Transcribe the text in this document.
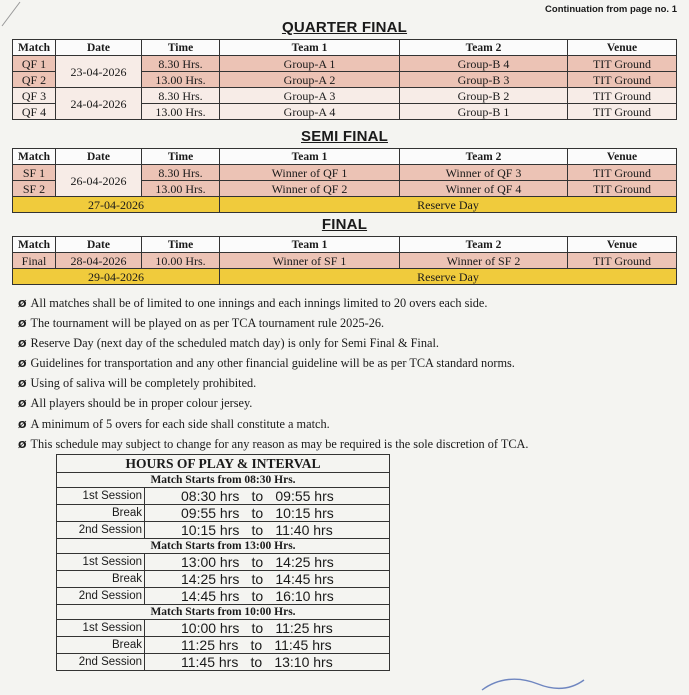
Continuation from page no. 1
QUARTER FINAL
Match	Date	Time	Team 1	Team 2	Venue
QF 1	23-04-2026	8.30 Hrs.	Group-A 1	Group-B 4	TIT Ground
QF 2		13.00 Hrs.	Group-A 2	Group-B 3	TIT Ground
QF 3	24-04-2026	8.30 Hrs.	Group-A 3	Group-B 2	TIT Ground
QF 4		13.00 Hrs.	Group-A 4	Group-B 1	TIT Ground
SEMI FINAL
Match	Date	Time	Team 1	Team 2	Venue
SF 1	26-04-2026	8.30 Hrs.	Winner of QF 1	Winner of QF 3	TIT Ground
SF 2		13.00 Hrs.	Winner of QF 2	Winner of QF 4	TIT Ground
27-04-2026			Reserve Day		
FINAL
Match	Date	Time	Team 1	Team 2	Venue
Final	28-04-2026	10.00 Hrs.	Winner of SF 1	Winner of SF 2	TIT Ground
29-04-2026			Reserve Day		
Ø All matches shall be of limited to one innings and each innings limited to 20 overs each side.
Ø The tournament will be played on as per TCA tournament rule 2025-26.
Ø Reserve Day (next day of the scheduled match day) is only for Semi Final & Final.
Ø Guidelines for transportation and any other financial guideline will be as per TCA standard norms.
Ø Using of saliva will be completely prohibited.
Ø All players should be in proper colour jersey.
Ø A minimum of 5 overs for each side shall constitute a match.
Ø This schedule may subject to change for any reason as may be required is the sole discretion of TCA.
HOURS OF PLAY & INTERVAL	
Match Starts from 08:30 Hrs.	
1st Session	08:30 hrs to 09:55 hrs
Break	09:55 hrs to 10:15 hrs
2nd Session	10:15 hrs to 11:40 hrs
Match Starts from 13:00 Hrs.	
1st Session	13:00 hrs to 14:25 hrs
Break	14:25 hrs to 14:45 hrs
2nd Session	14:45 hrs to 16:10 hrs
Match Starts from 10:00 Hrs.	
1st Session	10:00 hrs to 11:25 hrs
Break	11:25 hrs to 11:45 hrs
2nd Session	11:45 hrs to 13:10 hrs
